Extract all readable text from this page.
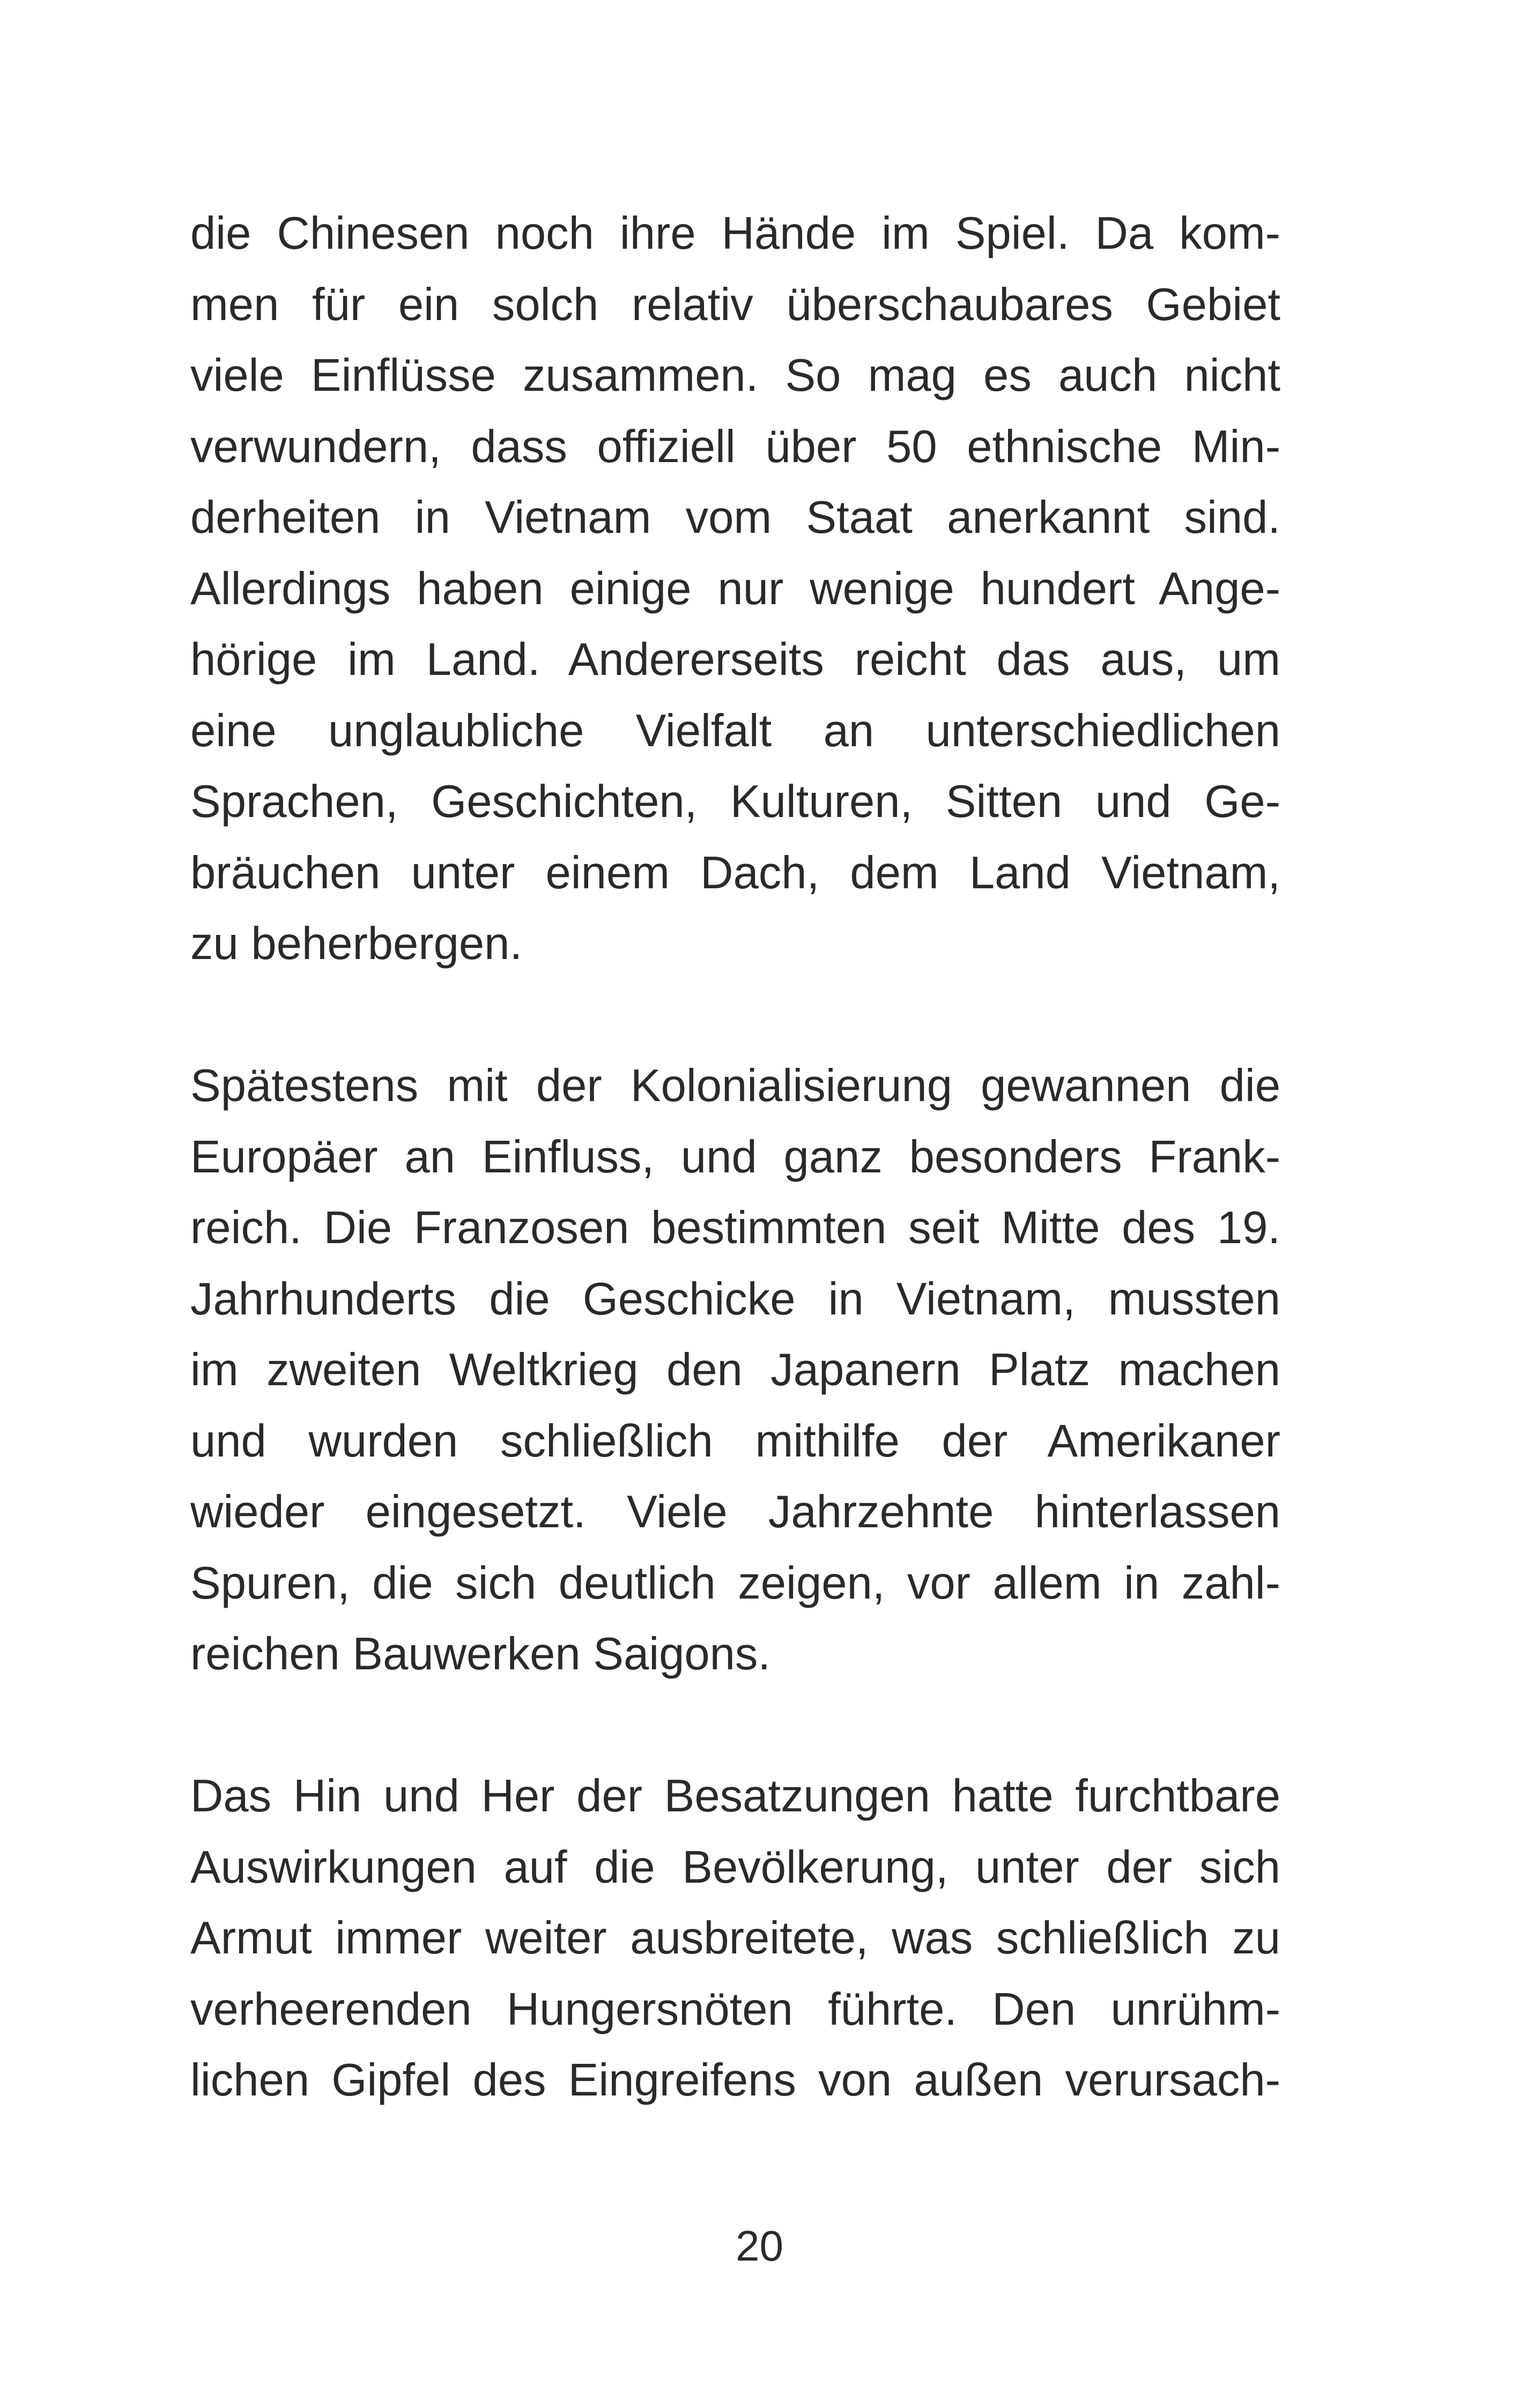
die Chinesen noch ihre Hände im Spiel. Da kom-
men für ein solch relativ überschaubares Gebiet
viele Einflüsse zusammen. So mag es auch nicht
verwundern, dass offiziell über 50 ethnische Min-
derheiten in Vietnam vom Staat anerkannt sind.
Allerdings haben einige nur wenige hundert Ange-
hörige im Land. Andererseits reicht das aus, um
eine unglaubliche Vielfalt an unterschiedlichen
Sprachen, Geschichten, Kulturen, Sitten und Ge-
bräuchen unter einem Dach, dem Land Vietnam,
zu beherbergen.
Spätestens mit der Kolonialisierung gewannen die
Europäer an Einfluss, und ganz besonders Frank-
reich. Die Franzosen bestimmten seit Mitte des 19.
Jahrhunderts die Geschicke in Vietnam, mussten
im zweiten Weltkrieg den Japanern Platz machen
und wurden schließlich mithilfe der Amerikaner
wieder eingesetzt. Viele Jahrzehnte hinterlassen
Spuren, die sich deutlich zeigen, vor allem in zahl-
reichen Bauwerken Saigons.
Das Hin und Her der Besatzungen hatte furchtbare
Auswirkungen auf die Bevölkerung, unter der sich
Armut immer weiter ausbreitete, was schließlich zu
verheerenden Hungersnöten führte. Den unrühm-
lichen Gipfel des Eingreifens von außen verursach-
20
